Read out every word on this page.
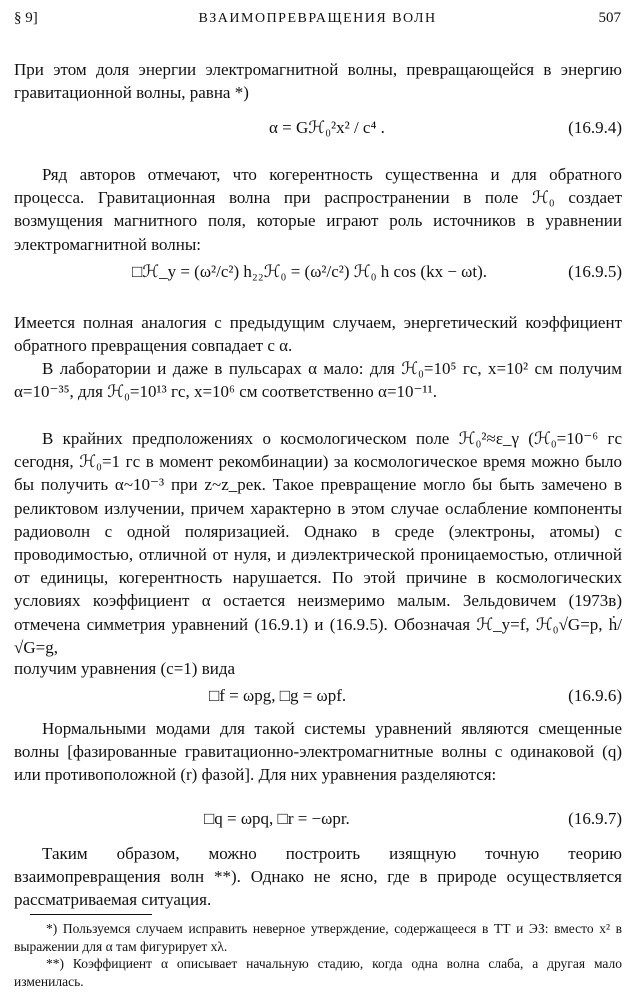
§ 9]	ВЗАИМОПРЕВРАЩЕНИЯ ВОЛН	507

При этом доля энергии электромагнитной волны, превращающейся в энергию гравитационной волны, равна *)

α = Gℋ₀²x² / c⁴ .	(16.9.4)

Ряд авторов отмечают, что когерентность существенна и для обратного процесса. Гравитационная волна при распространении в поле ℋ₀ создает возмущения магнитного поля, которые играют роль источников в уравнении электромагнитной волны:

□ℋ_y = (ω²/c²) h₂₂ℋ₀ = (ω²/c²) ℋ₀ h cos (kx − ωt).	(16.9.5)

Имеется полная аналогия с предыдущим случаем, энергетический коэффициент обратного превращения совпадает с α.

В лаборатории и даже в пульсарах α мало: для ℋ₀=10⁵ гс, x=10² см получим α=10⁻³⁵, для ℋ₀=10¹³ гс, x=10⁶ см соответственно α=10⁻¹¹.

В крайних предположениях о космологическом поле ℋ₀²≈ε_γ (ℋ₀=10⁻⁶ гс сегодня, ℋ₀=1 гс в момент рекомбинации) за космологическое время можно было бы получить α~10⁻³ при z~z_рек. Такое превращение могло бы быть замечено в реликтовом излучении, причем характерно в этом случае ослабление компоненты радиоволн с одной поляризацией. Однако в среде (электроны, атомы) с проводимостью, отличной от нуля, и диэлектрической проницаемостью, отличной от единицы, когерентность нарушается. По этой причине в космологических условиях коэффициент α остается неизмеримо малым. Зельдовичем (1973в) отмечена симметрия уравнений (16.9.1) и (16.9.5). Обозначая ℋ_y=f, ℋ₀√G=p, ḣ/√G=g,

получим уравнения (c=1) вида

□f = ωpg, □g = ωpf.	(16.9.6)

Нормальными модами для такой системы уравнений являются смещенные волны [фазированные гравитационно-электромагнитные волны с одинаковой (q) или противоположной (r) фазой]. Для них уравнения разделяются:

□q = ωpq, □r = −ωpr.	(16.9.7)

Таким образом, можно построить изящную точную теорию взаимопревращения волн **). Однако не ясно, где в природе осуществляется рассматриваемая ситуация.

*) Пользуемся случаем исправить неверное утверждение, содержащееся в ТТ и ЭЗ: вместо x² в выражении для α там фигурирует xλ.

**) Коэффициент α описывает начальную стадию, когда одна волна слаба, а другая мало изменилась.
